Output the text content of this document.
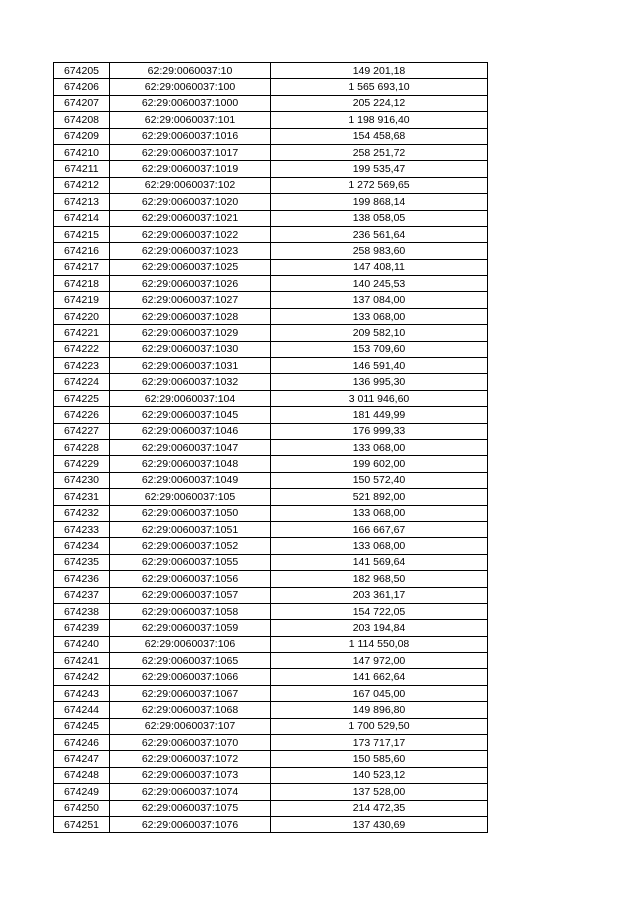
674205	62:29:0060037:10	149 201,18
674206	62:29:0060037:100	1 565 693,10
674207	62:29:0060037:1000	205 224,12
674208	62:29:0060037:101	1 198 916,40
674209	62:29:0060037:1016	154 458,68
674210	62:29:0060037:1017	258 251,72
674211	62:29:0060037:1019	199 535,47
674212	62:29:0060037:102	1 272 569,65
674213	62:29:0060037:1020	199 868,14
674214	62:29:0060037:1021	138 058,05
674215	62:29:0060037:1022	236 561,64
674216	62:29:0060037:1023	258 983,60
674217	62:29:0060037:1025	147 408,11
674218	62:29:0060037:1026	140 245,53
674219	62:29:0060037:1027	137 084,00
674220	62:29:0060037:1028	133 068,00
674221	62:29:0060037:1029	209 582,10
674222	62:29:0060037:1030	153 709,60
674223	62:29:0060037:1031	146 591,40
674224	62:29:0060037:1032	136 995,30
674225	62:29:0060037:104	3 011 946,60
674226	62:29:0060037:1045	181 449,99
674227	62:29:0060037:1046	176 999,33
674228	62:29:0060037:1047	133 068,00
674229	62:29:0060037:1048	199 602,00
674230	62:29:0060037:1049	150 572,40
674231	62:29:0060037:105	521 892,00
674232	62:29:0060037:1050	133 068,00
674233	62:29:0060037:1051	166 667,67
674234	62:29:0060037:1052	133 068,00
674235	62:29:0060037:1055	141 569,64
674236	62:29:0060037:1056	182 968,50
674237	62:29:0060037:1057	203 361,17
674238	62:29:0060037:1058	154 722,05
674239	62:29:0060037:1059	203 194,84
674240	62:29:0060037:106	1 114 550,08
674241	62:29:0060037:1065	147 972,00
674242	62:29:0060037:1066	141 662,64
674243	62:29:0060037:1067	167 045,00
674244	62:29:0060037:1068	149 896,80
674245	62:29:0060037:107	1 700 529,50
674246	62:29:0060037:1070	173 717,17
674247	62:29:0060037:1072	150 585,60
674248	62:29:0060037:1073	140 523,12
674249	62:29:0060037:1074	137 528,00
674250	62:29:0060037:1075	214 472,35
674251	62:29:0060037:1076	137 430,69
